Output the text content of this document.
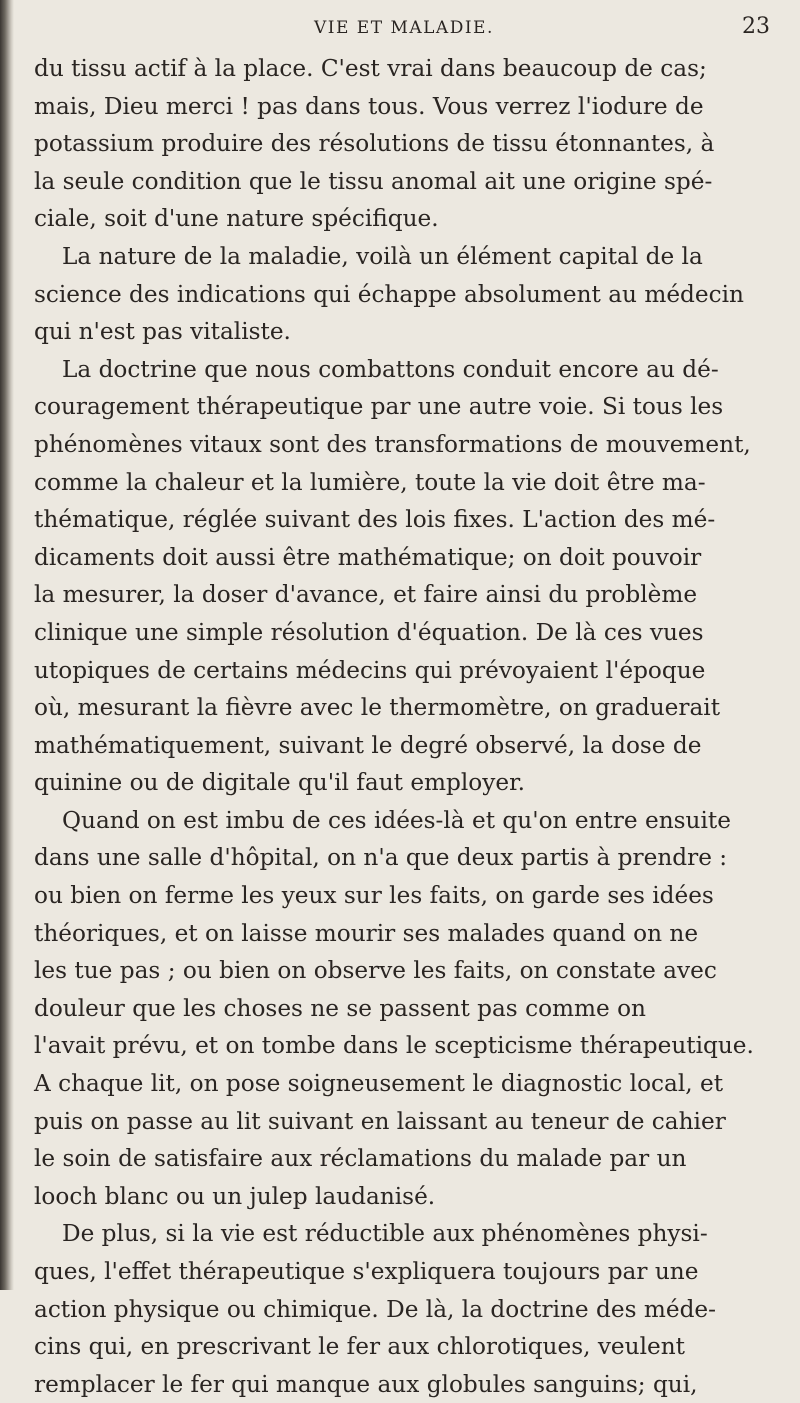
VIE ET MALADIE.	23

du tissu actif à la place. C'est vrai dans beaucoup de cas;
mais, Dieu merci ! pas dans tous. Vous verrez l'iodure de
potassium produire des résolutions de tissu étonnantes, à
la seule condition que le tissu anomal ait une origine spé-
ciale, soit d'une nature spécifique.

La nature de la maladie, voilà un élément capital de la
science des indications qui échappe absolument au médecin
qui n'est pas vitaliste.

La doctrine que nous combattons conduit encore au dé-
couragement thérapeutique par une autre voie. Si tous les
phénomènes vitaux sont des transformations de mouvement,
comme la chaleur et la lumière, toute la vie doit être ma-
thématique, réglée suivant des lois fixes. L'action des mé-
dicaments doit aussi être mathématique; on doit pouvoir
la mesurer, la doser d'avance, et faire ainsi du problème
clinique une simple résolution d'équation. De là ces vues
utopiques de certains médecins qui prévoyaient l'époque
où, mesurant la fièvre avec le thermomètre, on graduerait
mathématiquement, suivant le degré observé, la dose de
quinine ou de digitale qu'il faut employer.

Quand on est imbu de ces idées-là et qu'on entre ensuite
dans une salle d'hôpital, on n'a que deux partis à prendre :
ou bien on ferme les yeux sur les faits, on garde ses idées
théoriques, et on laisse mourir ses malades quand on ne
les tue pas ; ou bien on observe les faits, on constate avec
douleur que les choses ne se passent pas comme on
l'avait prévu, et on tombe dans le scepticisme thérapeutique.
A chaque lit, on pose soigneusement le diagnostic local, et
puis on passe au lit suivant en laissant au teneur de cahier
le soin de satisfaire aux réclamations du malade par un
looch blanc ou un julep laudanisé.

De plus, si la vie est réductible aux phénomènes physi-
ques, l'effet thérapeutique s'expliquera toujours par une
action physique ou chimique. De là, la doctrine des méde-
cins qui, en prescrivant le fer aux chlorotiques, veulent
remplacer le fer qui manque aux globules sanguins; qui,
